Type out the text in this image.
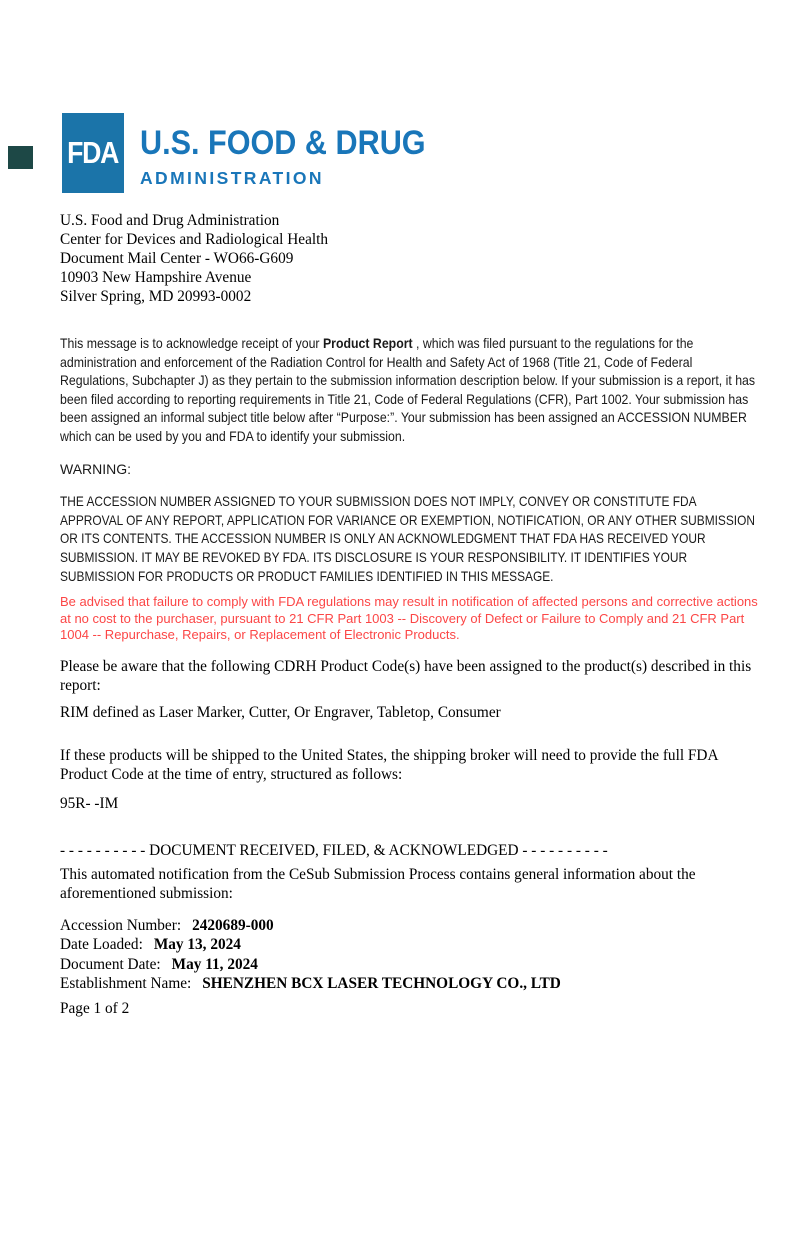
FDA U.S. FOOD & DRUG
ADMINISTRATION
U.S. Food and Drug Administration
Center for Devices and Radiological Health
Document Mail Center - WO66-G609
10903 New Hampshire Avenue
Silver Spring, MD 20993-0002
This message is to acknowledge receipt of your Product Report , which was filed pursuant to the regulations for the administration and enforcement of the Radiation Control for Health and Safety Act of 1968 (Title 21, Code of Federal Regulations, Subchapter J) as they pertain to the submission information description below. If your submission is a report, it has been filed according to reporting requirements in Title 21, Code of Federal Regulations (CFR), Part 1002. Your submission has been assigned an informal subject title below after “Purpose:”. Your submission has been assigned an ACCESSION NUMBER which can be used by you and FDA to identify your submission.
WARNING:
THE ACCESSION NUMBER ASSIGNED TO YOUR SUBMISSION DOES NOT IMPLY, CONVEY OR CONSTITUTE FDA APPROVAL OF ANY REPORT, APPLICATION FOR VARIANCE OR EXEMPTION, NOTIFICATION, OR ANY OTHER SUBMISSION OR ITS CONTENTS. THE ACCESSION NUMBER IS ONLY AN ACKNOWLEDGMENT THAT FDA HAS RECEIVED YOUR SUBMISSION. IT MAY BE REVOKED BY FDA. ITS DISCLOSURE IS YOUR RESPONSIBILITY. IT IDENTIFIES YOUR SUBMISSION FOR PRODUCTS OR PRODUCT FAMILIES IDENTIFIED IN THIS MESSAGE.
Be advised that failure to comply with FDA regulations may result in notification of affected persons and corrective actions at no cost to the purchaser, pursuant to 21 CFR Part 1003 -- Discovery of Defect or Failure to Comply and 21 CFR Part 1004 -- Repurchase, Repairs, or Replacement of Electronic Products.
Please be aware that the following CDRH Product Code(s) have been assigned to the product(s) described in this report:
RIM defined as Laser Marker, Cutter, Or Engraver, Tabletop, Consumer
If these products will be shipped to the United States, the shipping broker will need to provide the full FDA Product Code at the time of entry, structured as follows:
95R- -IM
- - - - - - - - - - DOCUMENT RECEIVED, FILED, & ACKNOWLEDGED - - - - - - - - - -
This automated notification from the CeSub Submission Process contains general information about the aforementioned submission:
Accession Number: 2420689-000
Date Loaded: May 13, 2024
Document Date: May 11, 2024
Establishment Name: SHENZHEN BCX LASER TECHNOLOGY CO., LTD
Page 1 of 2
